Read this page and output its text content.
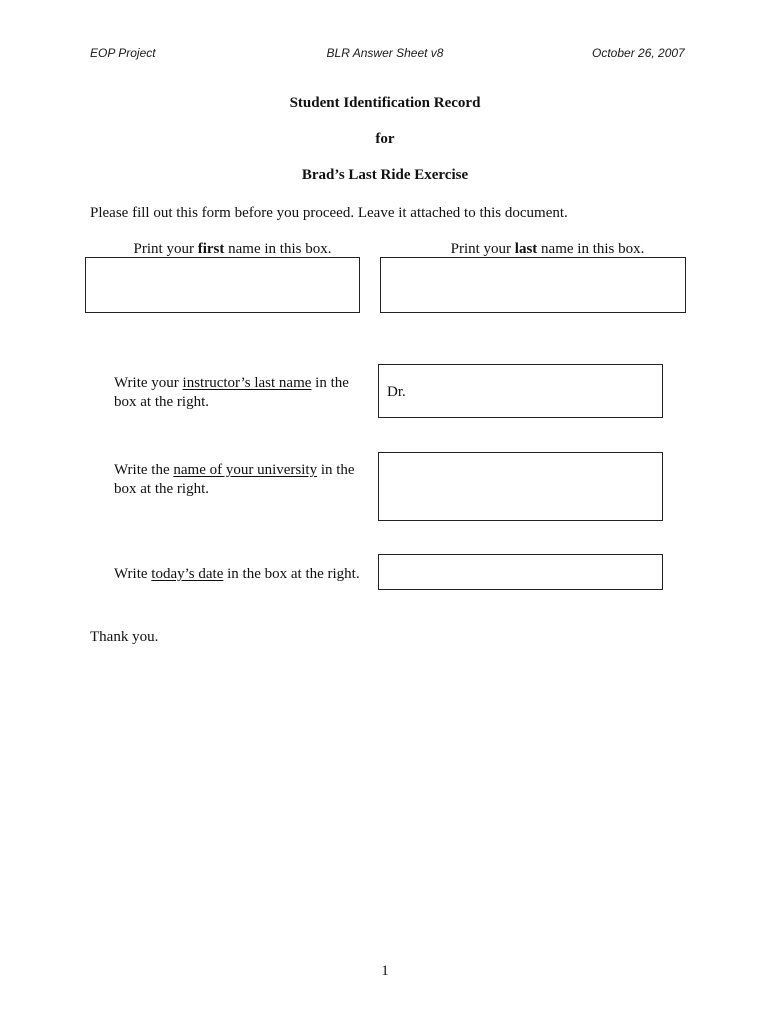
EOP Project	BLR Answer Sheet v8	October 26, 2007
Student Identification Record
for
Brad’s Last Ride Exercise
Please fill out this form before you proceed. Leave it attached to this document.
Print your first name in this box.	Print your last name in this box.
Write your instructor’s last name in the box at the right.
Dr.
Write the name of your university in the box at the right.
Write today’s date in the box at the right.
Thank you.
1
